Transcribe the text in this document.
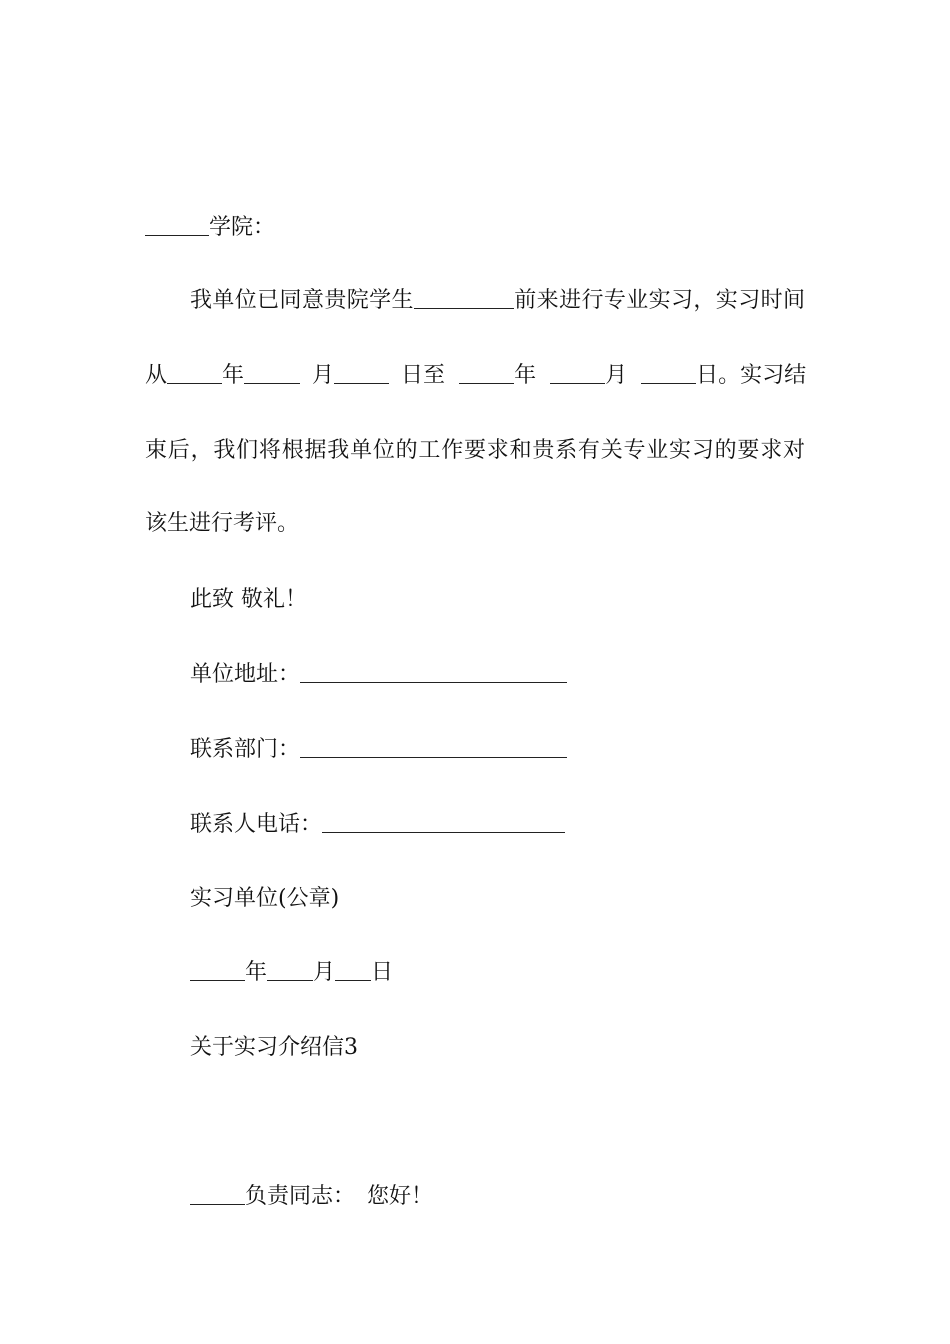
学院：
我单位已同意贵院学生	前来进行专业实习，实习时间
从	年	月	日至	年	月	日。实习结
束后，我们将根据我单位的工作要求和贵系有关专业实习的要求对
该生进行考评。
此致 敬礼！
单位地址：
联系部门：
联系人电话：
实习单位(公章)
年 月 日
关于实习介绍信3
负责同志： 您好！
